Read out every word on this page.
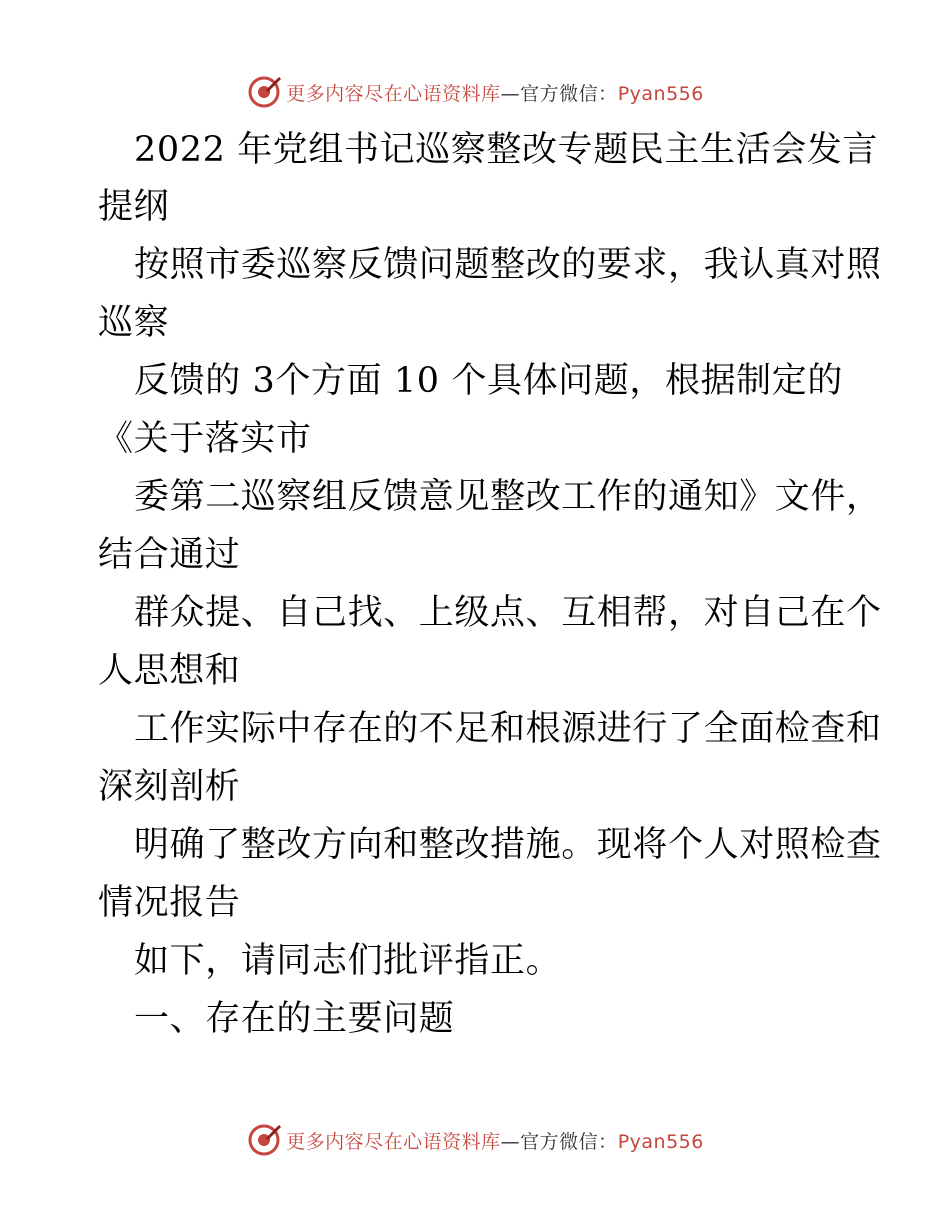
更多内容尽在心语资料库—官方微信：Pyan556
2022 年党组书记巡察整改专题民主生活会发言
提纲
按照市委巡察反馈问题整改的要求，我认真对照
巡察
反馈的 3个方面 10 个具体问题，根据制定的
《关于落实市
委第二巡察组反馈意见整改工作的通知》文件，
结合通过
群众提、自己找、上级点、互相帮，对自己在个
人思想和
工作实际中存在的不足和根源进行了全面检查和
深刻剖析
明确了整改方向和整改措施。现将个人对照检查
情况报告
如下，请同志们批评指正。
一、存在的主要问题
更多内容尽在心语资料库—官方微信：Pyan556
